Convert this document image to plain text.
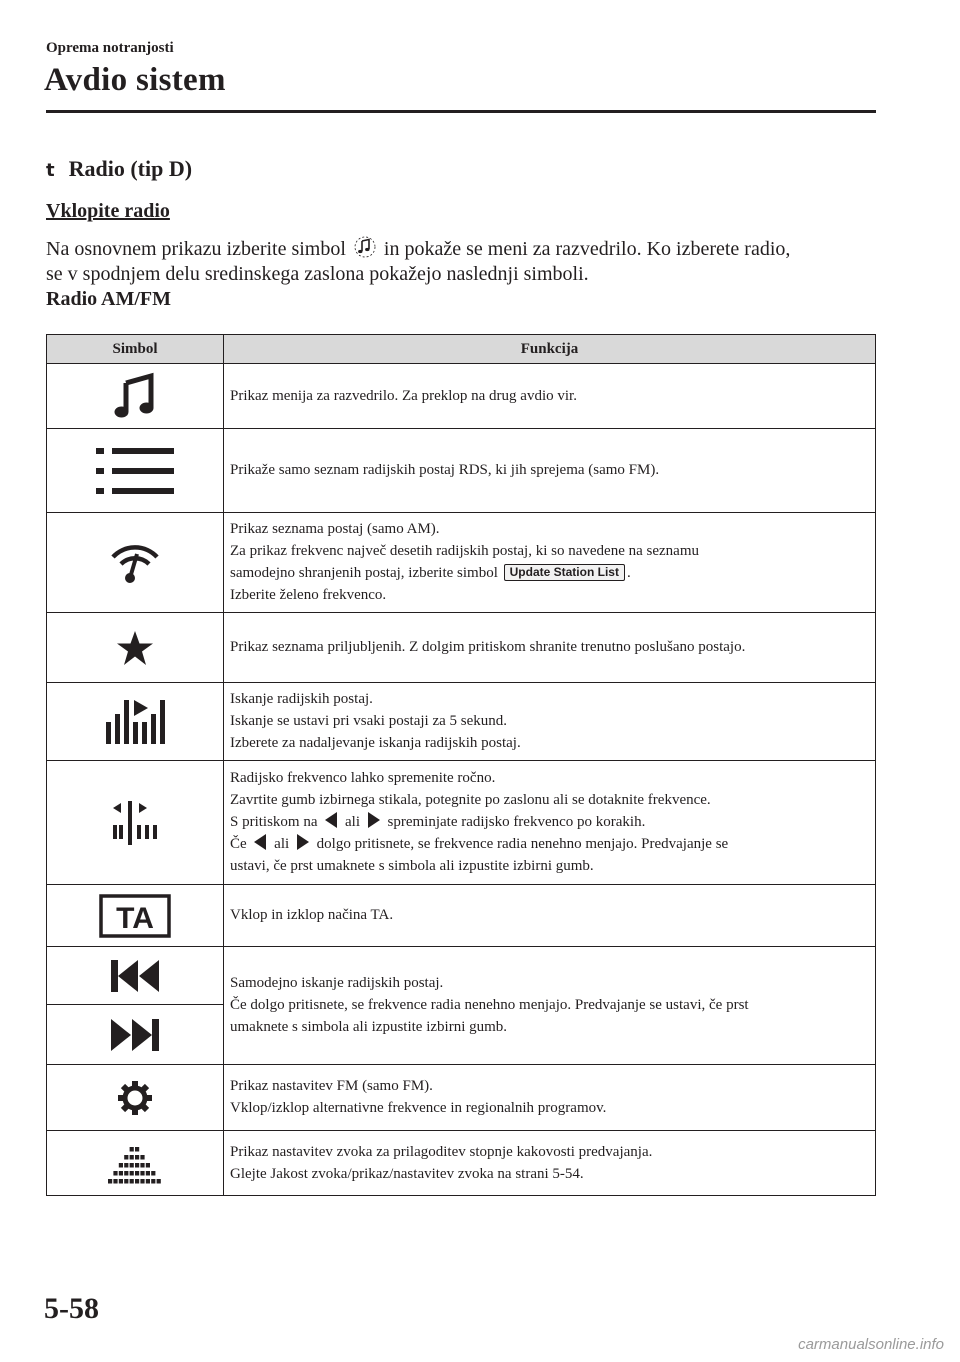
Oprema notranjosti
Avdio sistem
t Radio (tip D)
Vklopite radio
Na osnovnem prikazu izberite simbol in pokaže se meni za razvedrilo. Ko izberete radio,
se v spodnjem delu sredinskega zaslona pokažejo naslednji simboli.
Radio AM/FM
Simbol	Funkcija

Prikaz menija za razvedrilo. Za preklop na drug avdio vir.

Prikaže samo seznam radijskih postaj RDS, ki jih sprejema (samo FM).

Prikaz seznama postaj (samo AM).
Za prikaz frekvenc največ desetih radijskih postaj, ki so navedene na seznamu
samodejno shranjenih postaj, izberite simbol Update Station List .
Izberite želeno frekvenco.

Prikaz seznama priljubljenih. Z dolgim pritiskom shranite trenutno poslušano postajo.

Iskanje radijskih postaj.
Iskanje se ustavi pri vsaki postaji za 5 sekund.
Izberete za nadaljevanje iskanja radijskih postaj.

Radijsko frekvenco lahko spremenite ročno.
Zavrtite gumb izbirnega stikala, potegnite po zaslonu ali se dotaknite frekvence.
S pritiskom na ali spreminjate radijsko frekvenco po korakih.
Če ali dolgo pritisnete, se frekvence radia nenehno menjajo. Predvajanje se
ustavi, če prst umaknete s simbola ali izpustite izbirni gumb.

TA	Vklop in izklop načina TA.

Samodejno iskanje radijskih postaj.
Če dolgo pritisnete, se frekvence radia nenehno menjajo. Predvajanje se ustavi, če prst
umaknete s simbola ali izpustite izbirni gumb.

Prikaz nastavitev FM (samo FM).
Vklop/izklop alternativne frekvence in regionalnih programov.

Prikaz nastavitev zvoka za prilagoditev stopnje kakovosti predvajanja.
Glejte Jakost zvoka/prikaz/nastavitev zvoka na strani 5-54.
5-58
carmanualsonline.info
